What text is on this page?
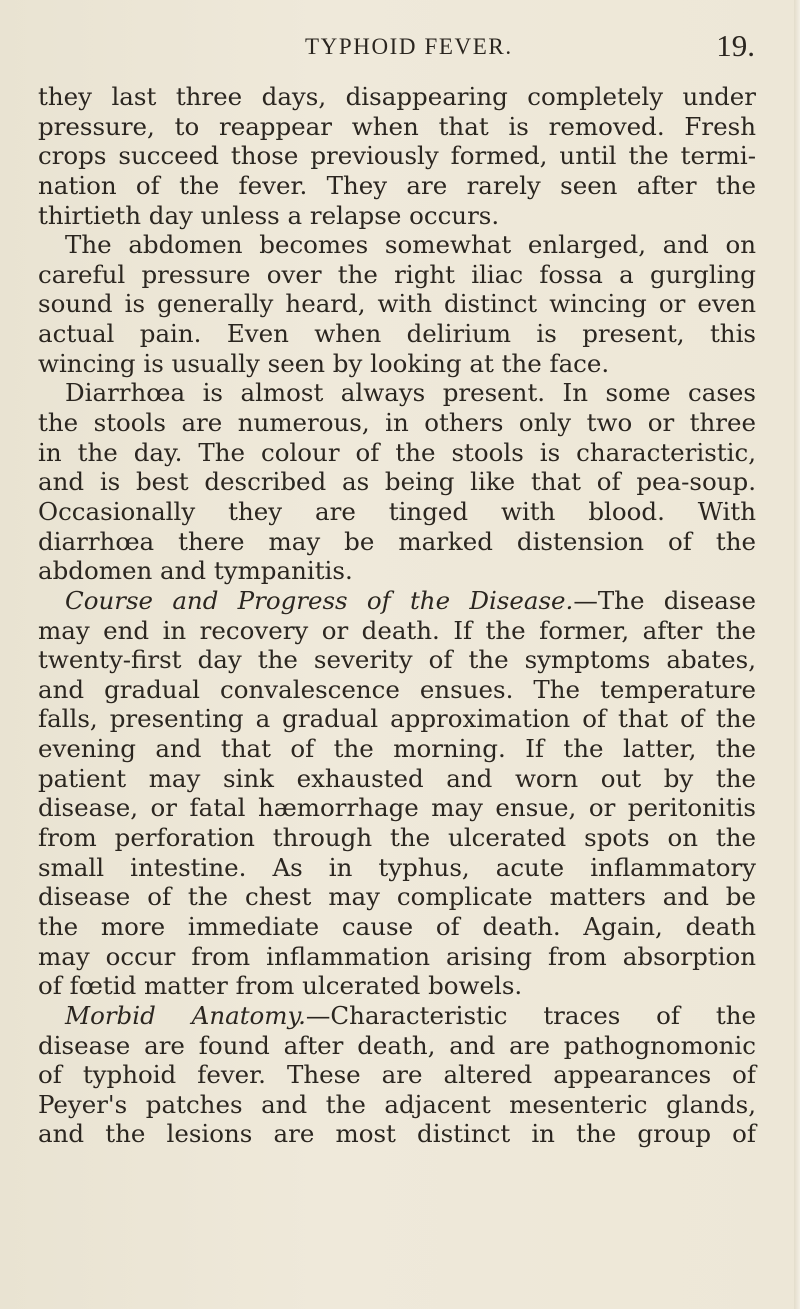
TYPHOID FEVER.	19.
they last three days, disappearing completely under
pressure, to reappear when that is removed. Fresh
crops succeed those previously formed, until the termi-
nation of the fever. They are rarely seen after the
thirtieth day unless a relapse occurs.
The abdomen becomes somewhat enlarged, and on
careful pressure over the right iliac fossa a gurgling
sound is generally heard, with distinct wincing or even
actual pain. Even when delirium is present, this
wincing is usually seen by looking at the face.
Diarrhœa is almost always present. In some cases
the stools are numerous, in others only two or three
in the day. The colour of the stools is characteristic,
and is best described as being like that of pea-soup.
Occasionally they are tinged with blood. With
diarrhœa there may be marked distension of the
abdomen and tympanitis.
Course and Progress of the Disease.—The disease
may end in recovery or death. If the former, after the
twenty-first day the severity of the symptoms abates,
and gradual convalescence ensues. The temperature
falls, presenting a gradual approximation of that of the
evening and that of the morning. If the latter, the
patient may sink exhausted and worn out by the
disease, or fatal hæmorrhage may ensue, or peritonitis
from perforation through the ulcerated spots on the
small intestine. As in typhus, acute inflammatory
disease of the chest may complicate matters and be
the more immediate cause of death. Again, death
may occur from inflammation arising from absorption
of fœtid matter from ulcerated bowels.
Morbid Anatomy.—Characteristic traces of the
disease are found after death, and are pathognomonic
of typhoid fever. These are altered appearances of
Peyer's patches and the adjacent mesenteric glands,
and the lesions are most distinct in the group of
